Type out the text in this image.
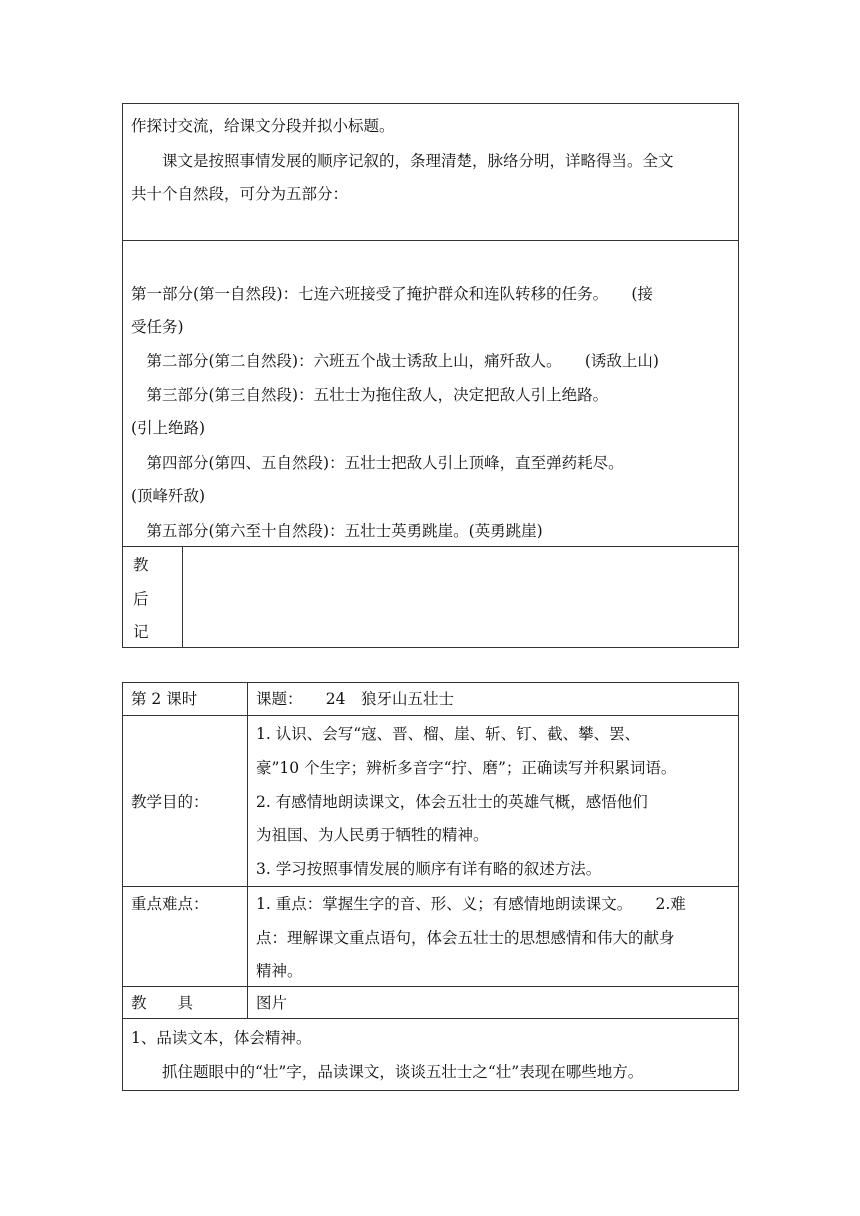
作探讨交流，给课文分段并拟小标题。
　　课文是按照事情发展的顺序记叙的，条理清楚，脉络分明，详略得当。全文
共十个自然段，可分为五部分：
第一部分(第一自然段)：七连六班接受了掩护群众和连队转移的任务。　　(接
受任务)
　第二部分(第二自然段)：六班五个战士诱敌上山，痛歼敌人。　　(诱敌上山)
　第三部分(第三自然段)：五壮士为拖住敌人，决定把敌人引上绝路。
(引上绝路)
　第四部分(第四、五自然段)：五壮士把敌人引上顶峰，直至弹药耗尽。
(顶峰歼敌)
　第五部分(第六至十自然段)：五壮士英勇跳崖。(英勇跳崖)
教
后
记
第 2 课时	课题：　　24　狼牙山五壮士
教学目的：
1. 认识、会写“寇、晋、榴、崖、斩、钉、截、攀、罢、
豪”10 个生字；辨析多音字“拧、磨”；正确读写并积累词语。
2. 有感情地朗读课文，体会五壮士的英雄气概，感悟他们
为祖国、为人民勇于牺牲的精神。
3. 学习按照事情发展的顺序有详有略的叙述方法。
重点难点：	1. 重点：掌握生字的音、形、义；有感情地朗读课文。　　2.难
点：理解课文重点语句，体会五壮士的思想感情和伟大的献身
精神。
教　　具	图片
1、品读文本，体会精神。
　　抓住题眼中的“壮”字，品读课文，谈谈五壮士之“壮”表现在哪些地方。
